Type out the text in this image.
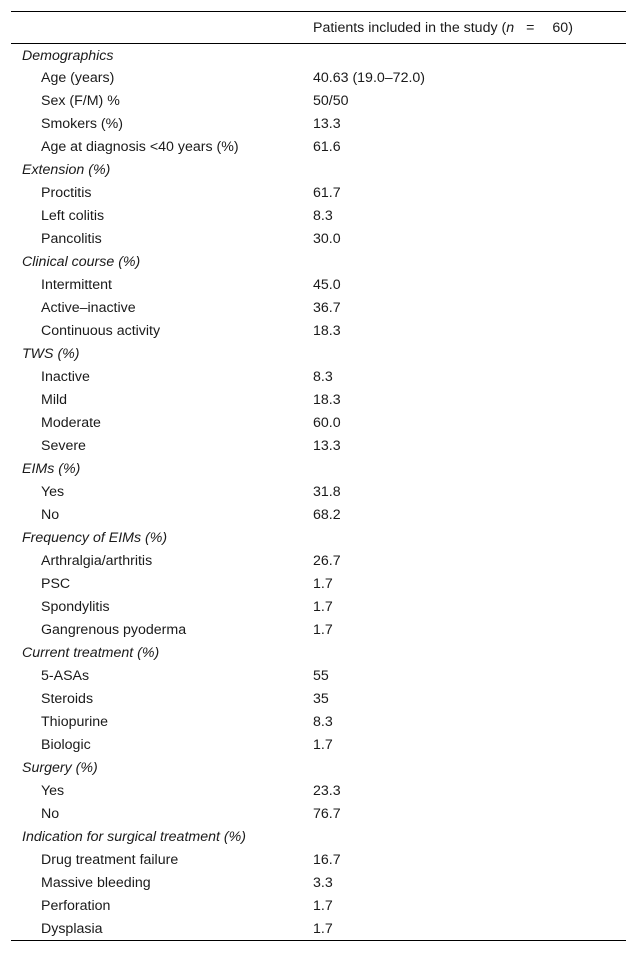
	Patients included in the study (n = 60)
Demographics	
Age (years)	40.63 (19.0–72.0)
Sex (F/M) %	50/50
Smokers (%)	13.3
Age at diagnosis <40 years (%)	61.6
Extension (%)	
Proctitis	61.7
Left colitis	8.3
Pancolitis	30.0
Clinical course (%)	
Intermittent	45.0
Active–inactive	36.7
Continuous activity	18.3
TWS (%)	
Inactive	8.3
Mild	18.3
Moderate	60.0
Severe	13.3
EIMs (%)	
Yes	31.8
No	68.2
Frequency of EIMs (%)	
Arthralgia/arthritis	26.7
PSC	1.7
Spondylitis	1.7
Gangrenous pyoderma	1.7
Current treatment (%)	
5-ASAs	55
Steroids	35
Thiopurine	8.3
Biologic	1.7
Surgery (%)	
Yes	23.3
No	76.7
Indication for surgical treatment (%)	
Drug treatment failure	16.7
Massive bleeding	3.3
Perforation	1.7
Dysplasia	1.7
